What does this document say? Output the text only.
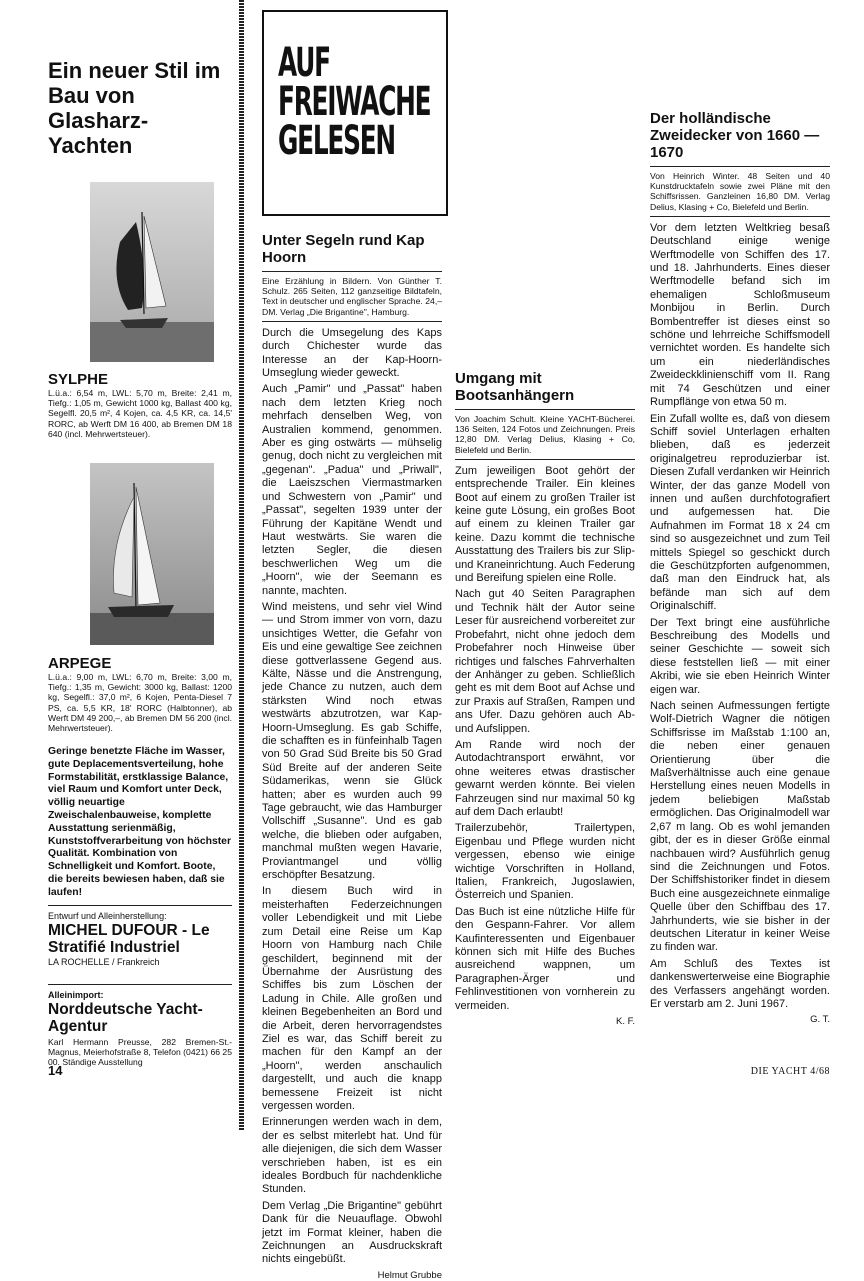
Ein neuer Stil im Bau von Glasharz-Yachten
SYLPHE
L.ü.a.: 6,54 m, LWL: 5,70 m, Breite: 2,41 m, Tiefg.: 1,05 m, Gewicht 1000 kg, Ballast 400 kg, Segelfl. 20,5 m², 4 Kojen, ca. 4,5 KR, ca. 14,5' RORC, ab Werft DM 16 400, ab Bremen DM 18 640 (incl. Mehrwertsteuer).
ARPEGE
L.ü.a.: 9,00 m, LWL: 6,70 m, Breite: 3,00 m, Tiefg.: 1,35 m, Gewicht: 3000 kg, Ballast: 1200 kg, Segelfl.: 37,0 m², 6 Kojen, Penta-Diesel 7 PS, ca. 5,5 KR, 18' RORC (Halbtonner), ab Werft DM 49 200,–, ab Bremen DM 56 200 (incl. Mehrwertsteuer).
Geringe benetzte Fläche im Wasser, gute Deplacementsverteilung, hohe Formstabilität, erstklassige Balance, viel Raum und Komfort unter Deck, völlig neuartige Zweischalenbauweise, komplette Ausstattung serienmäßig, Kunststoffverarbeitung von höchster Qualität. Kombination von Schnelligkeit und Komfort. Boote, die bereits bewiesen haben, daß sie laufen!
Entwurf und Alleinherstellung:
MICHEL DUFOUR - Le Stratifié Industriel
LA ROCHELLE / Frankreich
Alleinimport:
Norddeutsche Yacht-Agentur
Karl Hermann Preusse, 282 Bremen-St.-Magnus, Meierhofstraße 8, Telefon (0421) 66 25 00. Ständige Ausstellung
14
AUF FREIWACHE GELESEN
Unter Segeln rund Kap Hoorn
Eine Erzählung in Bildern. Von Günther T. Schulz. 265 Seiten, 112 ganzseitige Bildtafeln, Text in deutscher und englischer Sprache. 24,– DM. Verlag „Die Brigantine", Hamburg.

Durch die Umsegelung des Kaps durch Chichester wurde das Interesse an der Kap-Hoorn-Umseglung wieder geweckt.

Auch „Pamir" und „Passat" haben nach dem letzten Krieg noch mehrfach denselben Weg, von Australien kommend, genommen. Aber es ging ostwärts — mühselig genug, doch nicht zu vergleichen mit „gegenan". „Padua" und „Priwall", die Laeiszschen Viermastmarken und Schwestern von „Pamir" und „Passat", segelten 1939 unter der Führung der Kapitäne Wendt und Haut westwärts. Sie waren die letzten Segler, die diesen beschwerlichen Weg um die „Hoorn", wie der Seemann es nannte, machten.

Wind meistens, und sehr viel Wind — und Strom immer von vorn, dazu unsichtiges Wetter, die Gefahr von Eis und eine gewaltige See zeichnen diese gottverlassene Gegend aus. Kälte, Nässe und die Anstrengung, jede Chance zu nutzen, auch dem stärksten Wind noch etwas westwärts abzutrotzen, war Kap-Hoorn-Umseglung. Es gab Schiffe, die schafften es in fünfeinhalb Tagen von 50 Grad Süd Breite bis 50 Grad Süd Breite auf der anderen Seite Südamerikas, wenn sie Glück hatten; aber es wurden auch 99 Tage gebraucht, wie das Hamburger Vollschiff „Susanne". Und es gab welche, die blieben oder aufgaben, manchmal mußten wegen Havarie, Proviantmangel und völlig erschöpfter Besatzung.

In diesem Buch wird in meisterhaften Federzeichnungen voller Lebendigkeit und mit Liebe zum Detail eine Reise um Kap Hoorn von Hamburg nach Chile geschildert, beginnend mit der Übernahme der Ausrüstung des Schiffes bis zum Löschen der Ladung in Chile. Alle großen und kleinen Begebenheiten an Bord und die Arbeit, deren hervorragendstes Ziel es war, das Schiff bereit zu machen für den Kampf an der „Hoorn", werden anschaulich dargestellt, und auch die knapp bemessene Freizeit ist nicht vergessen worden.

Erinnerungen werden wach in dem, der es selbst miterlebt hat. Und für alle diejenigen, die sich dem Wasser verschrieben haben, ist es ein ideales Bordbuch für nachdenkliche Stunden.

Dem Verlag „Die Brigantine" gebührt Dank für die Neuauflage. Obwohl jetzt im Format kleiner, haben die Zeichnungen an Ausdruckskraft nichts eingebüßt.

Helmut Grubbe
Umgang mit Bootsanhängern
Von Joachim Schult. Kleine YACHT-Bücherei. 136 Seiten, 124 Fotos und Zeichnungen. Preis 12,80 DM. Verlag Delius, Klasing + Co, Bielefeld und Berlin.

Zum jeweiligen Boot gehört der entsprechende Trailer. Ein kleines Boot auf einem zu großen Trailer ist keine gute Lösung, ein großes Boot auf einem zu kleinen Trailer gar keine. Dazu kommt die technische Ausstattung des Trailers bis zur Slip- und Kraneinrichtung. Auch Federung und Bereifung spielen eine Rolle.

Nach gut 40 Seiten Paragraphen und Technik hält der Autor seine Leser für ausreichend vorbereitet zur Probefahrt, nicht ohne jedoch dem Probefahrer noch Hinweise über richtiges und falsches Fahrverhalten der Anhänger zu geben. Schließlich geht es mit dem Boot auf Achse und zur Praxis auf Straßen, Rampen und ans Ufer. Dazu gehören auch Ab- und Aufslippen.

Am Rande wird noch der Autodachtransport erwähnt, vor ohne weiteres etwas drastischer gewarnt werden könnte. Bei vielen Fahrzeugen sind nur maximal 50 kg auf dem Dach erlaubt!

Trailerzubehör, Trailertypen, Eigenbau und Pflege wurden nicht vergessen, ebenso wie einige wichtige Vorschriften in Holland, Italien, Frankreich, Jugoslawien, Österreich und Spanien.

Das Buch ist eine nützliche Hilfe für den Gespann-Fahrer. Vor allem Kaufinteressenten und Eigenbauer können sich mit Hilfe des Buches ausreichend wappnen, um Paragraphen-Ärger und Fehlinvestitionen von vornherein zu vermeiden.

K. F.
Der holländische Zweidecker von 1660 — 1670
Von Heinrich Winter. 48 Seiten und 40 Kunstdrucktafeln sowie zwei Pläne mit den Schiffsrissen. Ganzleinen 16,80 DM. Verlag Delius, Klasing + Co, Bielefeld und Berlin.

Vor dem letzten Weltkrieg besaß Deutschland einige wenige Werftmodelle von Schiffen des 17. und 18. Jahrhunderts. Eines dieser Werftmodelle befand sich im ehemaligen Schloßmuseum Monbijou in Berlin. Durch Bombentreffer ist dieses einst so schöne und lehrreiche Schiffsmodell vernichtet worden. Es handelte sich um ein niederländisches Zweideckklinienschiff vom II. Rang mit 74 Geschützen und einer Rumpflänge von etwa 50 m.

Ein Zufall wollte es, daß von diesem Schiff soviel Unterlagen erhalten blieben, daß es jederzeit originalgetreu reproduzierbar ist. Diesen Zufall verdanken wir Heinrich Winter, der das ganze Modell von innen und außen durchfotografiert und aufgemessen hat. Die Aufnahmen im Format 18 x 24 cm sind so ausgezeichnet und zum Teil mittels Spiegel so geschickt durch die Geschützpforten aufgenommen, daß man den Eindruck hat, als befände man sich auf dem Originalschiff.

Der Text bringt eine ausführliche Beschreibung des Modells und seiner Geschichte — soweit sich diese feststellen ließ — mit einer Akribi, wie sie eben Heinrich Winter eigen war.

Nach seinen Aufmessungen fertigte Wolf-Dietrich Wagner die nötigen Schiffsrisse im Maßstab 1:100 an, die neben einer genauen Orientierung über die Maßverhältnisse auch eine genaue Herstellung eines neuen Modells in jedem beliebigen Maßstab ermöglichen. Das Originalmodell war 2,67 m lang. Ob es wohl jemanden gibt, der es in dieser Größe einmal nachbauen wird? Ausführlich genug sind die Zeichnungen und Fotos. Der Schiffshistoriker findet in diesem Buch eine ausgezeichnete einmalige Quelle über den Schiffbau des 17. Jahrhunderts, wie sie bisher in der deutschen Literatur in keiner Weise zu finden war.

Am Schluß des Textes ist dankenswerterweise eine Biographie des Verfassers angehängt worden. Er verstarb am 2. Juni 1967.

G. T.
DIE YACHT 4/68
